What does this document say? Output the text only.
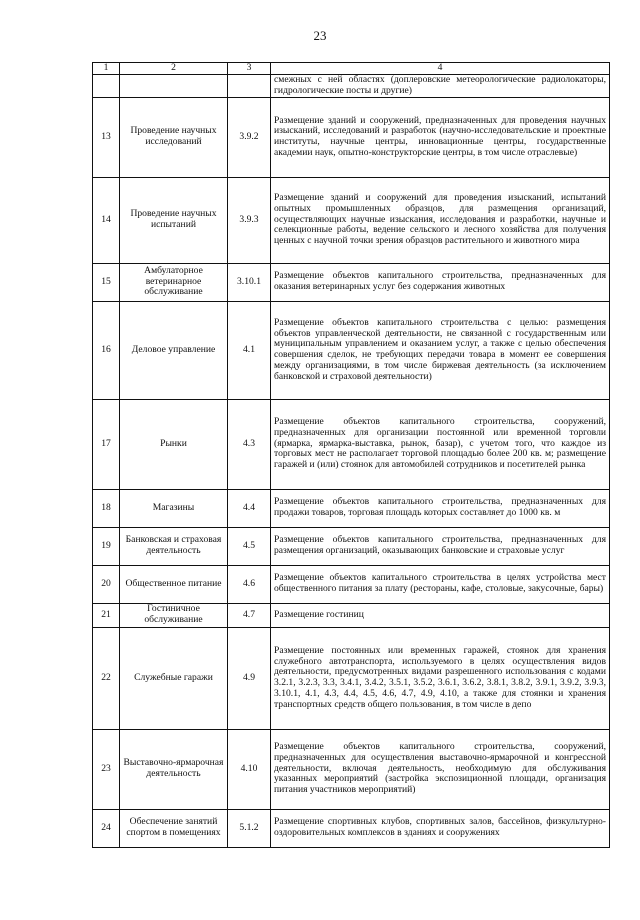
23
1	2	3	4
			смежных с ней областях (доплеровские метеорологические радиолокаторы, гидрологические посты и другие)
13	Проведение научных исследований	3.9.2	Размещение зданий и сооружений, предназначенных для проведения научных изысканий, исследований и разработок (научно-исследовательские и проектные институты, научные центры, инновационные центры, государственные академии наук, опытно-конструкторские центры, в том числе отраслевые)
14	Проведение научных испытаний	3.9.3	Размещение зданий и сооружений для проведения изысканий, испытаний опытных промышленных образцов, для размещения организаций, осуществляющих научные изыскания, исследования и разработки, научные и селекционные работы, ведение сельского и лесного хозяйства для получения ценных с научной точки зрения образцов растительного и животного мира
15	Амбулаторное ветеринарное обслуживание	3.10.1	Размещение объектов капитального строительства, предназначенных для оказания ветеринарных услуг без содержания животных
16	Деловое управление	4.1	Размещение объектов капитального строительства с целью: размещения объектов управленческой деятельности, не связанной с государственным или муниципальным управлением и оказанием услуг, а также с целью обеспечения совершения сделок, не требующих передачи товара в момент ее совершения между организациями, в том числе биржевая деятельность (за исключением банковской и страховой деятельности)
17	Рынки	4.3	Размещение объектов капитального строительства, сооружений, предназначенных для организации постоянной или временной торговли (ярмарка, ярмарка-выставка, рынок, базар), с учетом того, что каждое из торговых мест не располагает торговой площадью более 200 кв. м; размещение гаражей и (или) стоянок для автомобилей сотрудников и посетителей рынка
18	Магазины	4.4	Размещение объектов капитального строительства, предназначенных для продажи товаров, торговая площадь которых составляет до 1000 кв. м
19	Банковская и страховая деятельность	4.5	Размещение объектов капитального строительства, предназначенных для размещения организаций, оказывающих банковские и страховые услуг
20	Общественное питание	4.6	Размещение объектов капитального строительства в целях устройства мест общественного питания за плату (рестораны, кафе, столовые, закусочные, бары)
21	Гостиничное обслуживание	4.7	Размещение гостиниц
22	Служебные гаражи	4.9	Размещение постоянных или временных гаражей, стоянок для хранения служебного автотранспорта, используемого в целях осуществления видов деятельности, предусмотренных видами разрешенного использования с кодами 3.2.1, 3.2.3, 3.3, 3.4.1, 3.4.2, 3.5.1, 3.5.2, 3.6.1, 3.6.2, 3.8.1, 3.8.2, 3.9.1, 3.9.2, 3.9.3, 3.10.1, 4.1, 4.3, 4.4, 4.5, 4.6, 4.7, 4.9, 4.10, а также для стоянки и хранения транспортных средств общего пользования, в том числе в депо
23	Выставочно-ярмарочная деятельность	4.10	Размещение объектов капитального строительства, сооружений, предназначенных для осуществления выставочно-ярмарочной и конгрессной деятельности, включая деятельность, необходимую для обслуживания указанных мероприятий (застройка экспозиционной площади, организация питания участников мероприятий)
24	Обеспечение занятий спортом в помещениях	5.1.2	Размещение спортивных клубов, спортивных залов, бассейнов, физкультурно-оздоровительных комплексов в зданиях и сооружениях
